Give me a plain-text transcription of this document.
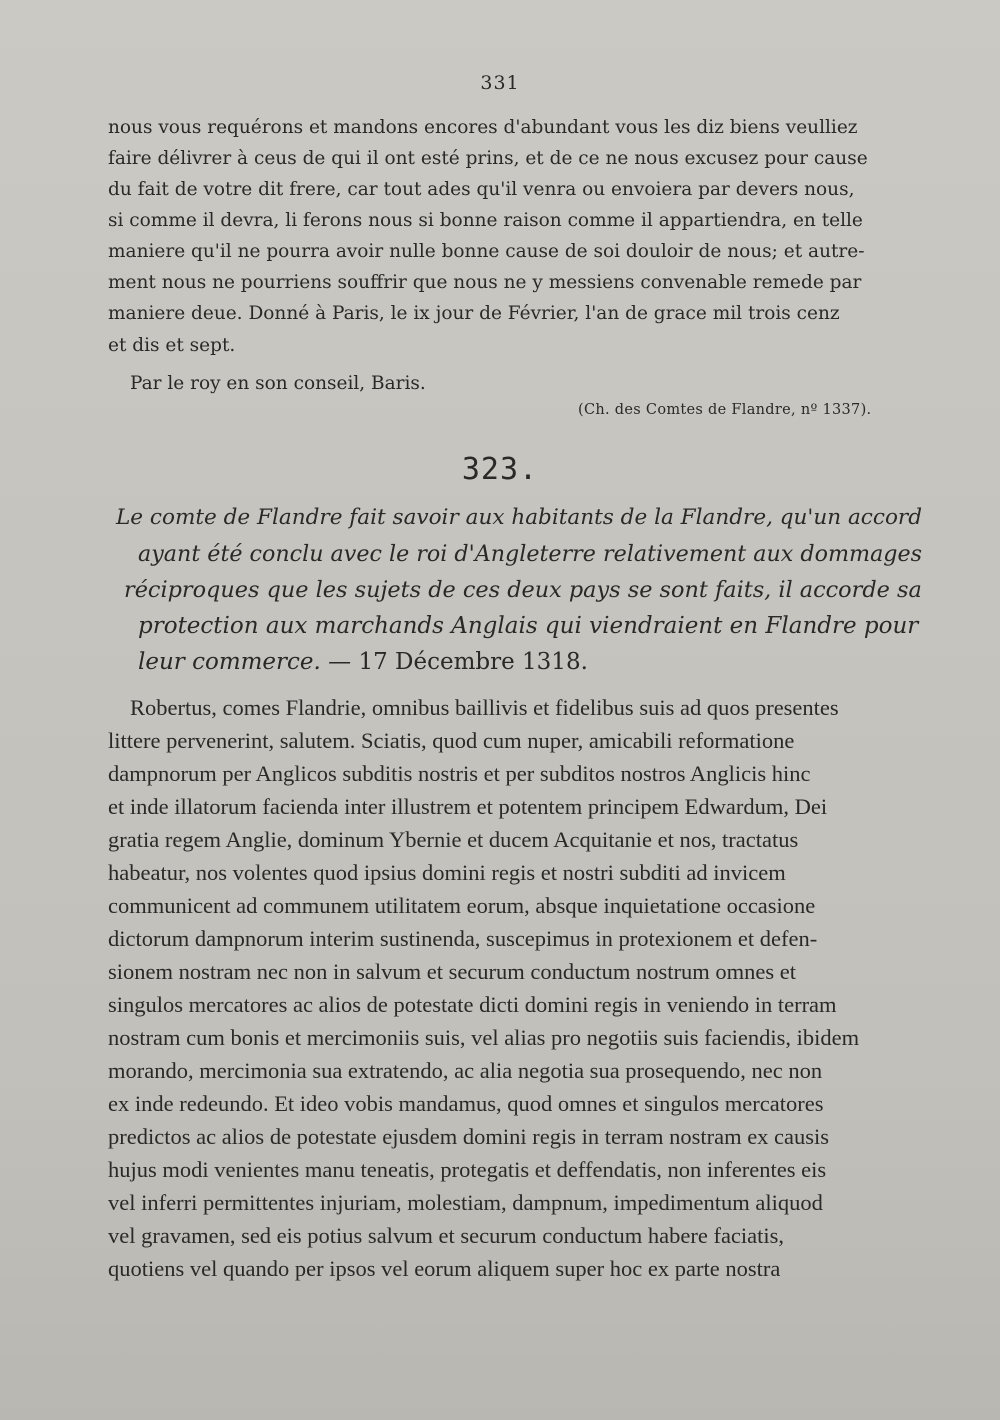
331
nous vous requérons et mandons encores d'abundant vous les diz biens veulliez
faire délivrer à ceus de qui il ont esté prins, et de ce ne nous excusez pour cause
du fait de votre dit frere, car tout ades qu'il venra ou envoiera par devers nous,
si comme il devra, li ferons nous si bonne raison comme il appartiendra, en telle
maniere qu'il ne pourra avoir nulle bonne cause de soi douloir de nous; et autre-
ment nous ne pourriens souffrir que nous ne y messiens convenable remede par
maniere deue. Donné à Paris, le ix jour de Février, l'an de grace mil trois cenz
et dis et sept.
Par le roy en son conseil, Baris.
(Ch. des Comtes de Flandre, nº 1337).
323.
Le comte de Flandre fait savoir aux habitants de la Flandre, qu'un accord
ayant été conclu avec le roi d'Angleterre relativement aux dommages
réciproques que les sujets de ces deux pays se sont faits, il accorde sa
protection aux marchands Anglais qui viendraient en Flandre pour
leur commerce. — 17 Décembre 1318.
Robertus, comes Flandrie, omnibus baillivis et fidelibus suis ad quos presentes
littere pervenerint, salutem. Sciatis, quod cum nuper, amicabili reformatione
dampnorum per Anglicos subditis nostris et per subditos nostros Anglicis hinc
et inde illatorum facienda inter illustrem et potentem principem Edwardum, Dei
gratia regem Anglie, dominum Ybernie et ducem Acquitanie et nos, tractatus
habeatur, nos volentes quod ipsius domini regis et nostri subditi ad invicem
communicent ad communem utilitatem eorum, absque inquietatione occasione
dictorum dampnorum interim sustinenda, suscepimus in protexionem et defen-
sionem nostram nec non in salvum et securum conductum nostrum omnes et
singulos mercatores ac alios de potestate dicti domini regis in veniendo in terram
nostram cum bonis et mercimoniis suis, vel alias pro negotiis suis faciendis, ibidem
morando, mercimonia sua extratendo, ac alia negotia sua prosequendo, nec non
ex inde redeundo. Et ideo vobis mandamus, quod omnes et singulos mercatores
predictos ac alios de potestate ejusdem domini regis in terram nostram ex causis
hujus modi venientes manu teneatis, protegatis et deffendatis, non inferentes eis
vel inferri permittentes injuriam, molestiam, dampnum, impedimentum aliquod
vel gravamen, sed eis potius salvum et securum conductum habere faciatis,
quotiens vel quando per ipsos vel eorum aliquem super hoc ex parte nostra
